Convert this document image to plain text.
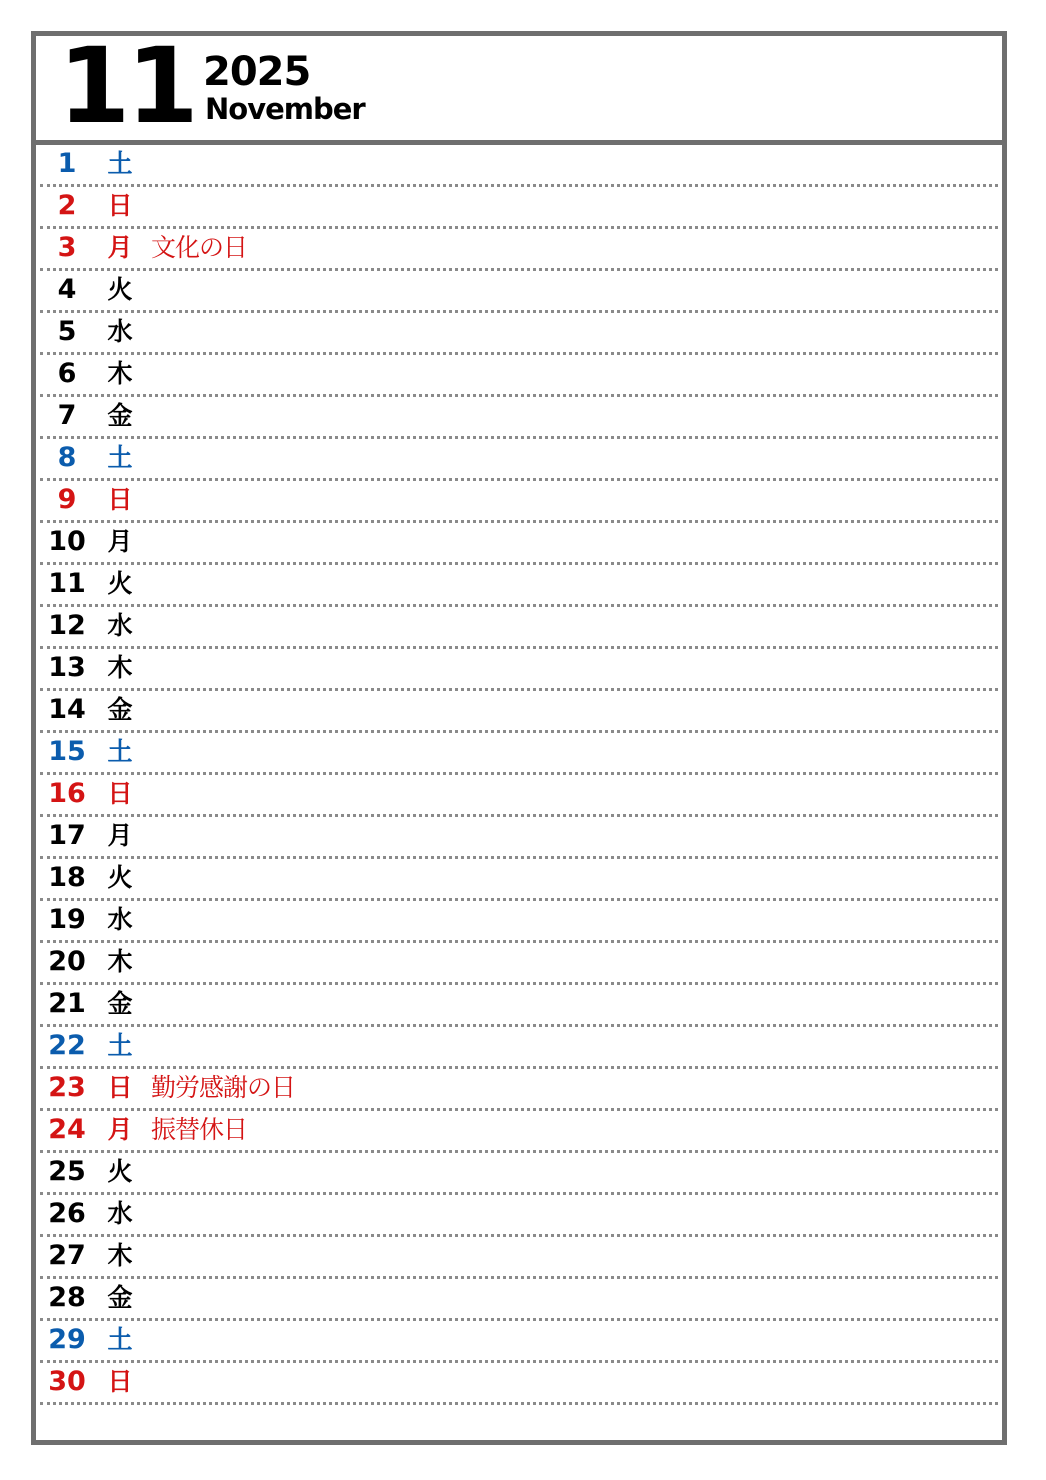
11 2025
November
1	土
2	日
3	月 文化の日
4	火
5	水
6	木
7	金
8	土
9	日
10 月
11 火
12 水
13 木
14 金
15 土
16 日
17 月
18 火
19 水
20 木
21 金
22 土
23 日 勤労感謝の日
24 月 振替休日
25 火
26 水
27 木
28 金
29 土
30 日
